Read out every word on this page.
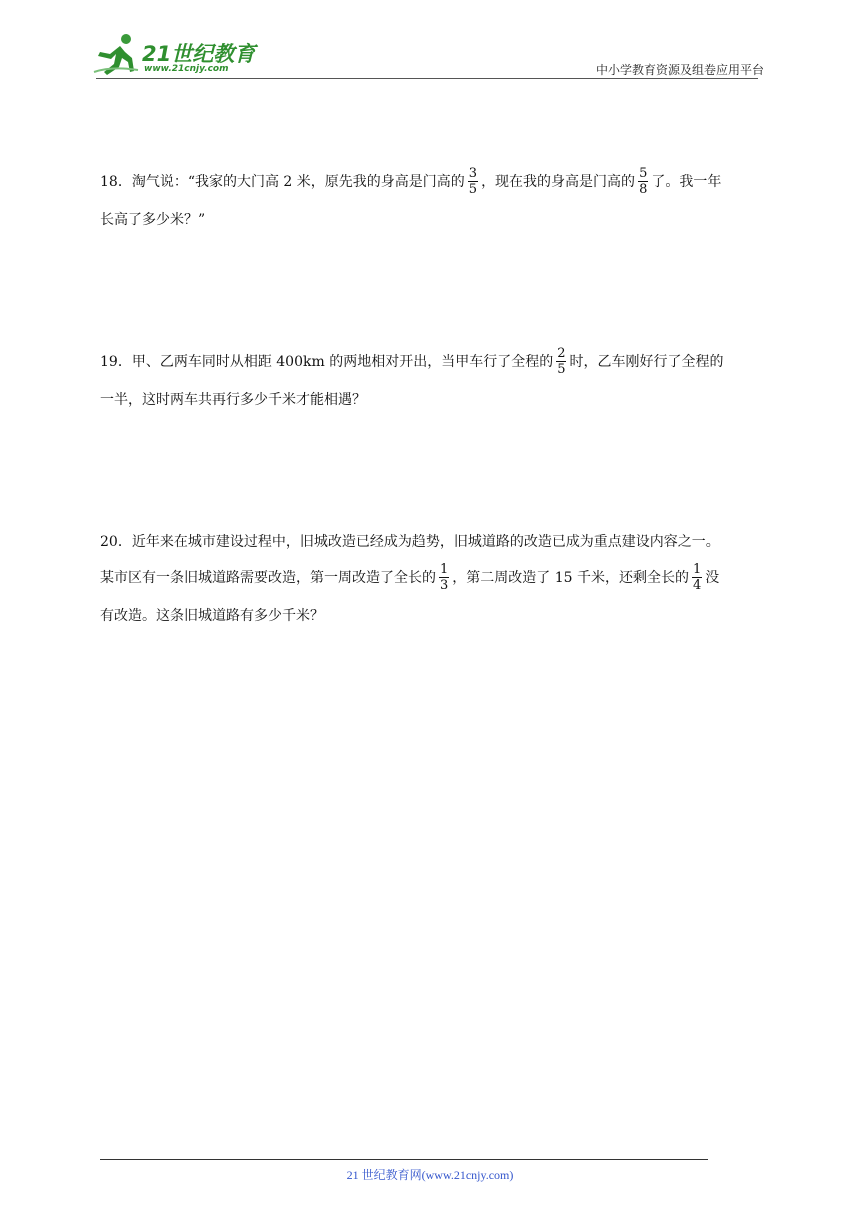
21世纪教育
www.21cnjy.com	中小学教育资源及组卷应用平台
18．淘气说：“我家的大门高 2 米，原先我的身高是门高的 $\frac{3}{5}$ ，现在我的身高是门高的 $\frac{5}{8}$ 了。我一年
长高了多少米？”
19．甲、乙两车同时从相距 400km 的两地相对开出，当甲车行了全程的 $\frac{2}{5}$ 时，乙车刚好行了全程的
一半，这时两车共再行多少千米才能相遇？
20．近年来在城市建设过程中，旧城改造已经成为趋势，旧城道路的改造已成为重点建设内容之一。
某市区有一条旧城道路需要改造，第一周改造了全长的 $\frac{1}{3}$ ，第二周改造了 15 千米，还剩全长的 $\frac{1}{4}$ 没
有改造。这条旧城道路有多少千米？
21 世纪教育网(www.21cnjy.com)
